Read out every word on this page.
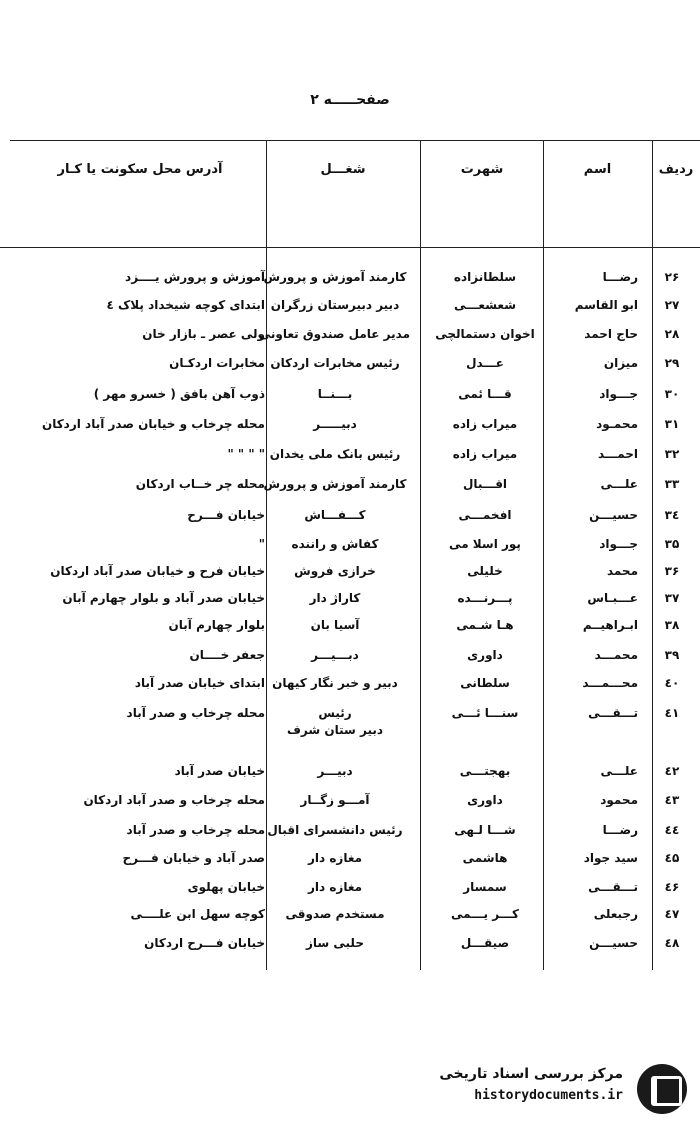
صفحـــــه ۲
ردیف
اسم
شهرت
شغـــل
آدرس محل سکونت یا کـار
۲۶
رضـــا
سلطانزاده
کارمند آموزش و پرورش
آموزش و پرورش یــــزد
۲۷
ابو القاسم
شعشعـــی
دبیر دبیرستان زرگران
ابتدای کوچه شیخداد پلاک ٤
۲۸
حاج احمد
اخوان دستمالچی
مدیر عامل صندوق تعاونی
ولی عصر ـ بازار خان
۲۹
میزان
عـــدل
رئیس مخابرات اردکان
مخابرات اردکـان
۳۰
جـــواد
قـــا ئمی
بـــنــا
ذوب آهن بافق ( خسرو مهر )
۳۱
محمـود
میراب زاده
دبیـــــر
محله چرخاب و خیابان صدر آباد اردکان
۳۲
احمـــد
میراب زاده
رئیس بانک ملی یخدان
" " " "
۳۳
علـــی
اقـــبال
کارمند آموزش و پرورش
محله چر خــاب اردکان
۳٤
حسیـــن
افخمـــی
کـــفـــاش
خیابان فـــرح
۳۵
جـــواد
پور اسلا می
کفاش و راننده
"
۳۶
محمد
خلیلی
خرازی فروش
خیابان فرح و خیابان صدر آباد اردکان
۳۷
عـــبـاس
پـــرنـــده
کاراژ دار
خیابان صدر آباد و بلوار چهارم آبان
۳۸
ابـراهیــم
هـا شـمی
آسیا بان
بلوار چهارم آبان
۳۹
محمـــد
داوری
دبـــیـــر
جعفر خــــان
٤۰
محـــمـــد
سلطانی
دبیر و خبر نگار کیهان
ابتدای خیابان صدر آباد
٤۱
تـــقـــی
سنـــا ئـــی
رئیس
محله چرخاب و صدر آباد
دبیر ستان شرف
٤۲
علـــی
بهجتـــی
دبیـــر
خیابان صدر آباد
٤۳
محمود
داوری
آمـــو زگــار
محله چرخاب و صدر آباد اردکان
٤٤
رضـــا
شـــا لـهی
رئیس دانشسرای اقبال
محله چرخاب و صدر آباد
٤۵
سید جواد
هاشمی
مغازه دار
صدر آباد و خیابان فـــرح
٤۶
تـــقـــی
سمسار
مغازه دار
خیابان پهلوی
٤۷
رجبعلی
کـــر یـــمی
مستخدم صدوقی
کوچه سهل ابن علــــی
٤۸
حسیـــن
صیقـــل
حلبی ساز
خیابان فـــرح اردکان
مرکز بررسی اسناد تاریخی
historydocuments.ir
